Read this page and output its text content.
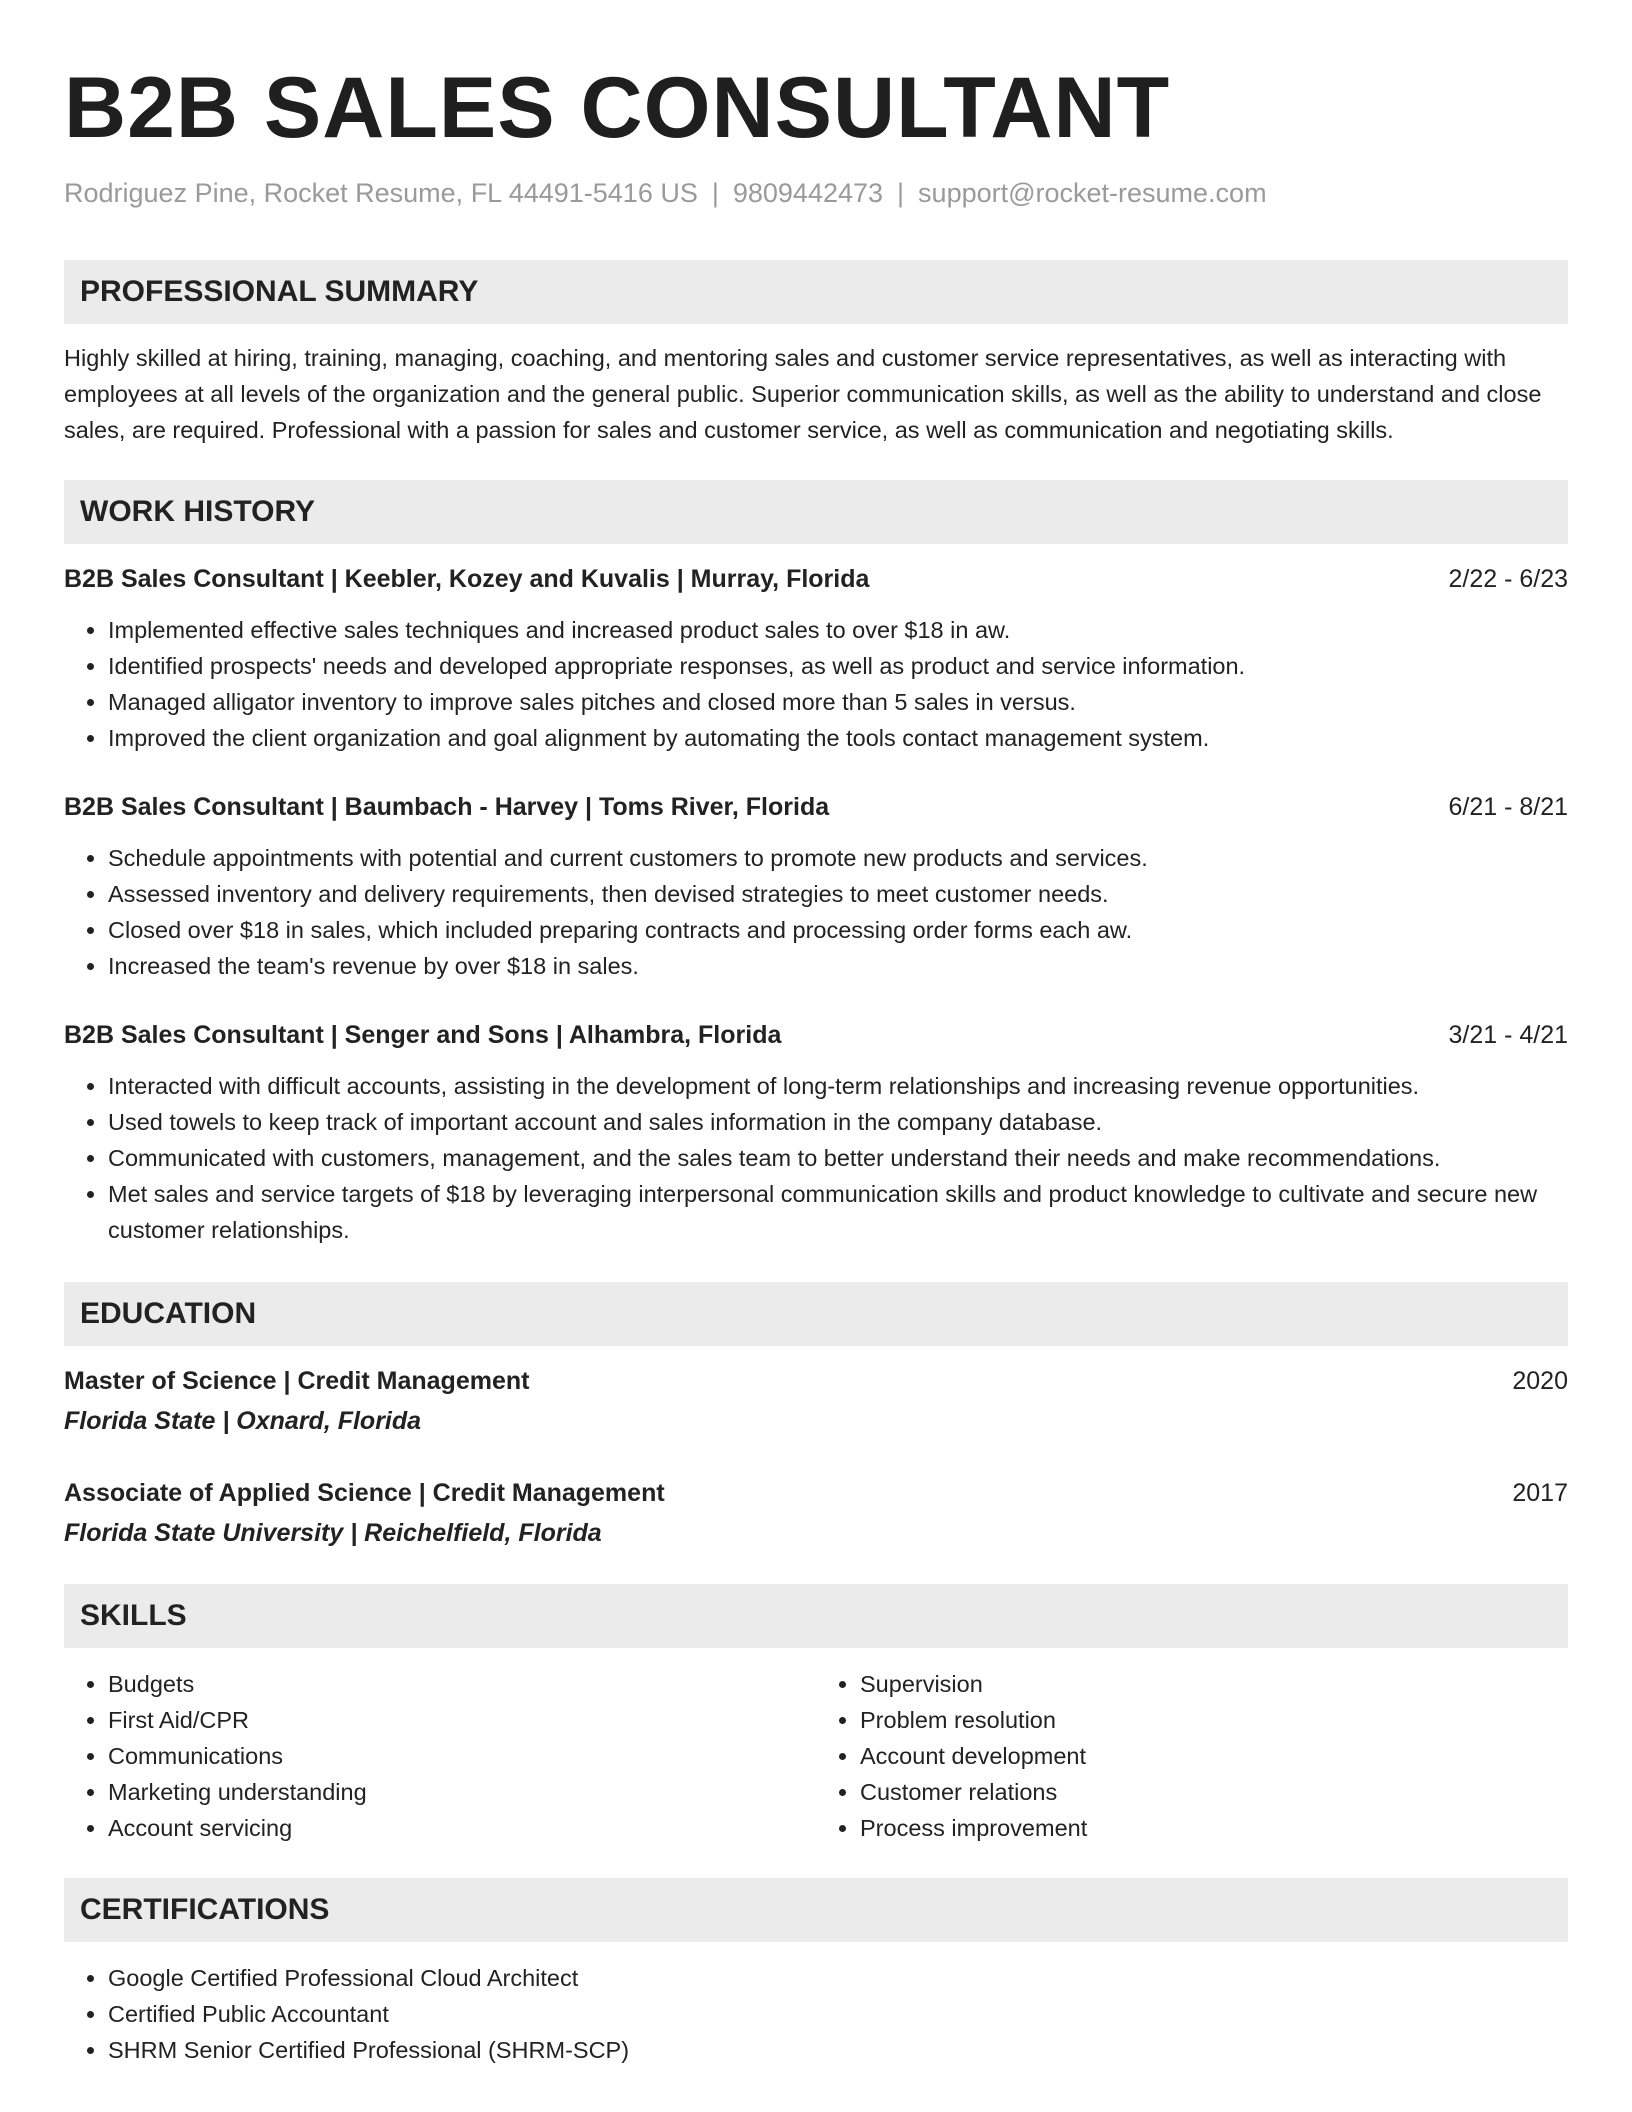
B2B SALES CONSULTANT
Rodriguez Pine, Rocket Resume, FL 44491-5416 US | 9809442473 | support@rocket-resume.com
PROFESSIONAL SUMMARY

Highly skilled at hiring, training, managing, coaching, and mentoring sales and customer service representatives, as well as interacting with employees at all levels of the organization and the general public. Superior communication skills, as well as the ability to understand and close sales, are required. Professional with a passion for sales and customer service, as well as communication and negotiating skills.

WORK HISTORY
B2B Sales Consultant | Keebler, Kozey and Kuvalis | Murray, Florida	2/22 - 6/23
• Implemented effective sales techniques and increased product sales to over $18 in aw.
• Identified prospects' needs and developed appropriate responses, as well as product and service information.
• Managed alligator inventory to improve sales pitches and closed more than 5 sales in versus.
• Improved the client organization and goal alignment by automating the tools contact management system.
B2B Sales Consultant | Baumbach - Harvey | Toms River, Florida	6/21 - 8/21
• Schedule appointments with potential and current customers to promote new products and services.
• Assessed inventory and delivery requirements, then devised strategies to meet customer needs.
• Closed over $18 in sales, which included preparing contracts and processing order forms each aw.
• Increased the team's revenue by over $18 in sales.
B2B Sales Consultant | Senger and Sons | Alhambra, Florida	3/21 - 4/21
• Interacted with difficult accounts, assisting in the development of long-term relationships and increasing revenue opportunities.
• Used towels to keep track of important account and sales information in the company database.
• Communicated with customers, management, and the sales team to better understand their needs and make recommendations.
• Met sales and service targets of $18 by leveraging interpersonal communication skills and product knowledge to cultivate and secure new customer relationships.
EDUCATION
Master of Science | Credit Management	2020
Florida State | Oxnard, Florida
Associate of Applied Science | Credit Management	2017
Florida State University | Reichelfield, Florida
SKILLS
• Budgets
• First Aid/CPR
• Communications
• Marketing understanding
• Account servicing
• Supervision
• Problem resolution
• Account development
• Customer relations
• Process improvement
CERTIFICATIONS
• Google Certified Professional Cloud Architect
• Certified Public Accountant
• SHRM Senior Certified Professional (SHRM-SCP)
